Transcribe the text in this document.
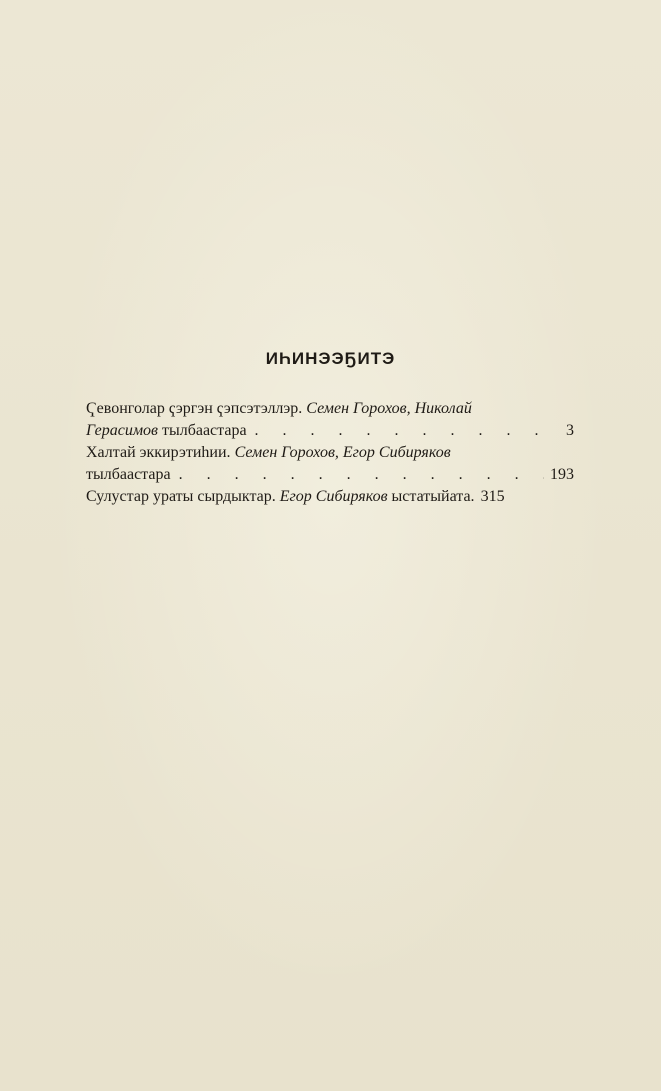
ИҺИНЭЭҔИТЭ
Ҁевонголар ҁэргэн ҁэпсэтэллэр. Семен Горохов, Николай
Герасимов тылбаастара . . .	3
Халтай эккирэтиһии. Семен Горохов, Егор Сибиряков
тылбаастара . . .	193
Сулустар ураты сырдыктар. Егор Сибиряков ыстатыйата. 315
